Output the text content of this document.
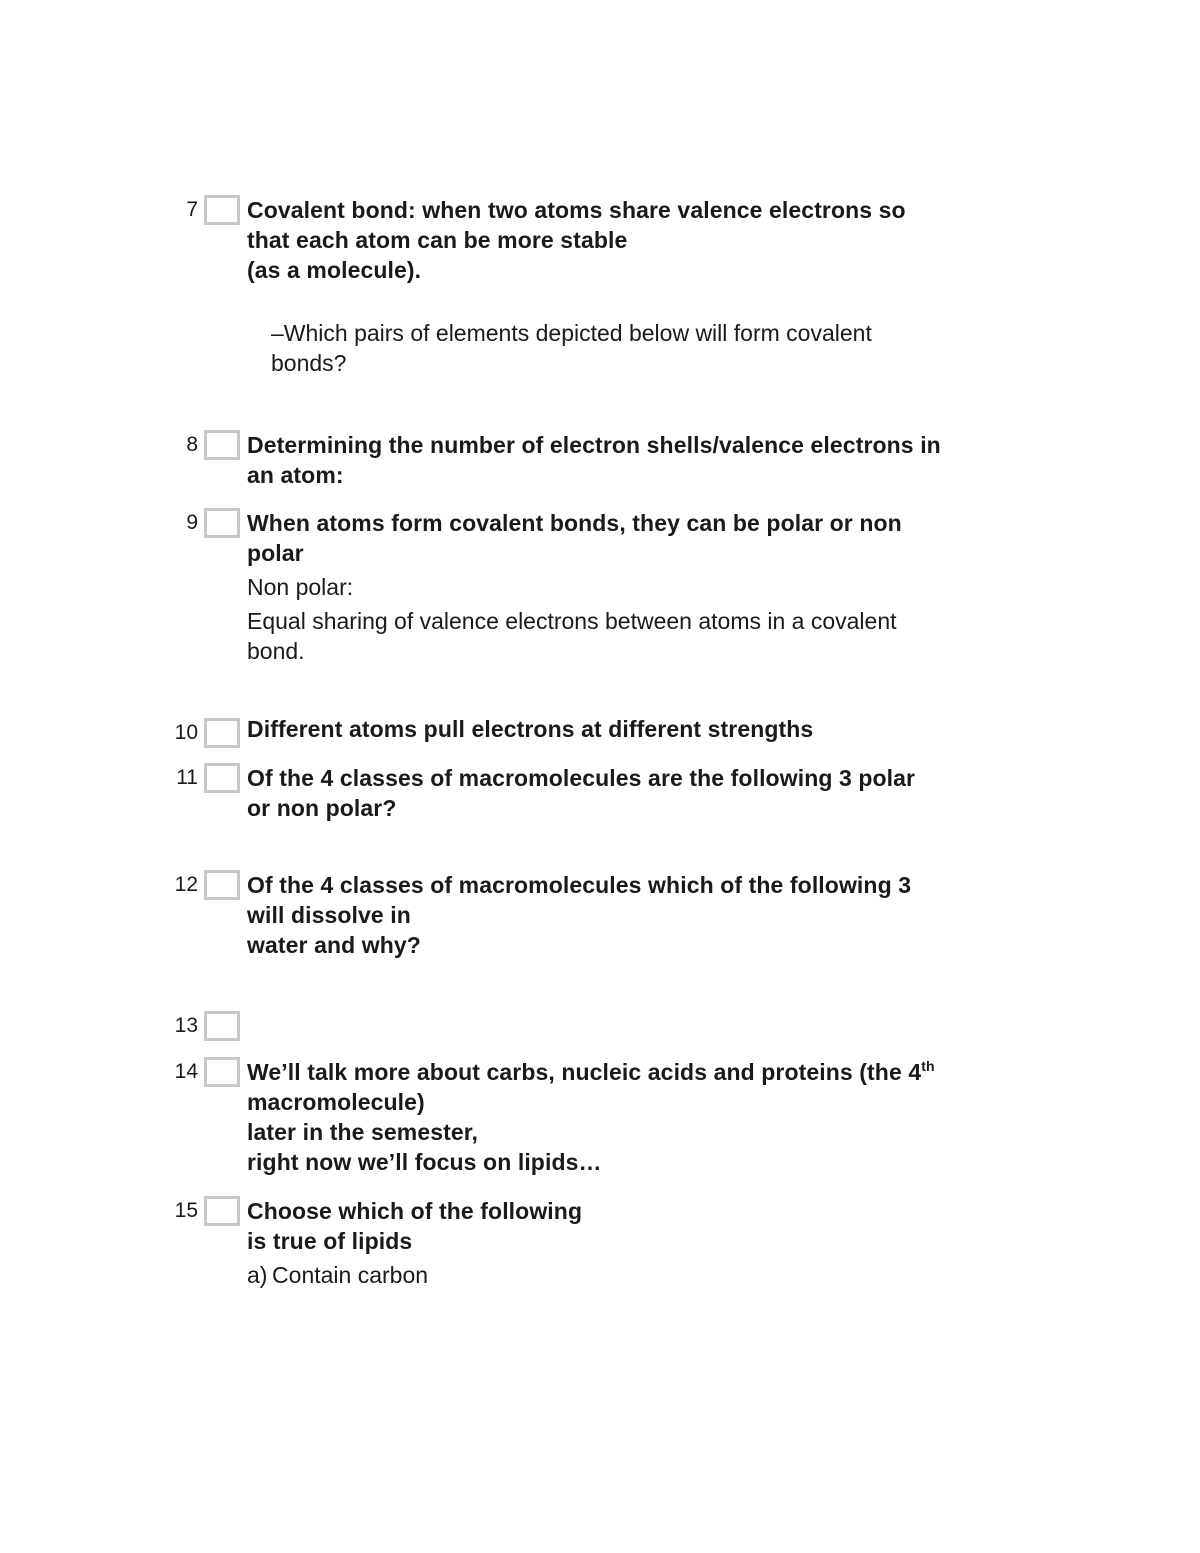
7 Covalent bond: when two atoms share valence electrons so
that each atom can be more stable
(as a molecule).
–Which pairs of elements depicted below will form covalent
bonds?
8 Determining the number of electron shells/valence electrons in
an atom:
9 When atoms form covalent bonds, they can be polar or non
polar
Non polar:
Equal sharing of valence electrons between atoms in a covalent
bond.
10 Different atoms pull electrons at different strengths
11 Of the 4 classes of macromolecules are the following 3 polar
or non polar?
12 Of the 4 classes of macromolecules which of the following 3
will dissolve in
water and why?
13
14 We’ll talk more about carbs, nucleic acids and proteins (the 4th
macromolecule)
later in the semester,
right now we’ll focus on lipids…
15 Choose which of the following
is true of lipids
a) Contain carbon
